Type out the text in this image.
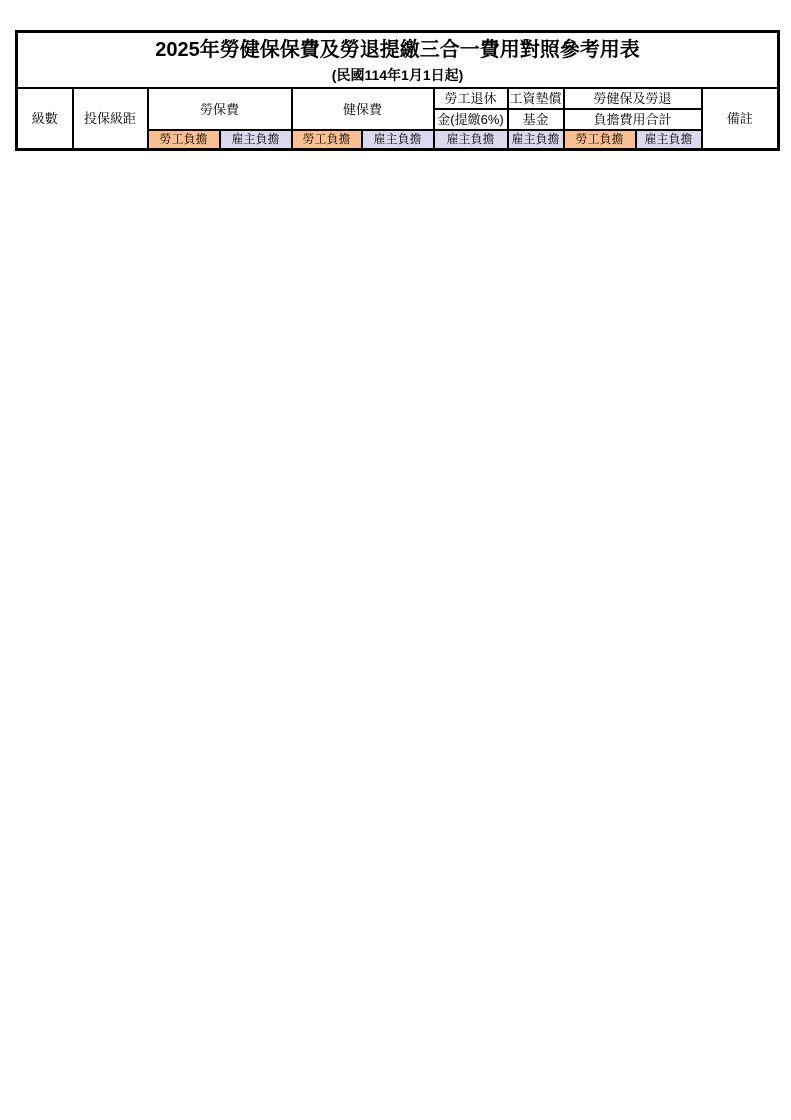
2025年勞健保保費及勞退提繳三合一費用對照參考用表
(民國114年1月1日起)										

級數	投保級距	勞保費		健保費		勞工退休	工資墊償	勞健保及勞退		備註
						金(提繳6%)	基金	負擔費用合計		
		勞工負擔	雇主負擔	勞工負擔	雇主負擔	雇主負擔	雇主負擔	勞工負擔	雇主負擔	
